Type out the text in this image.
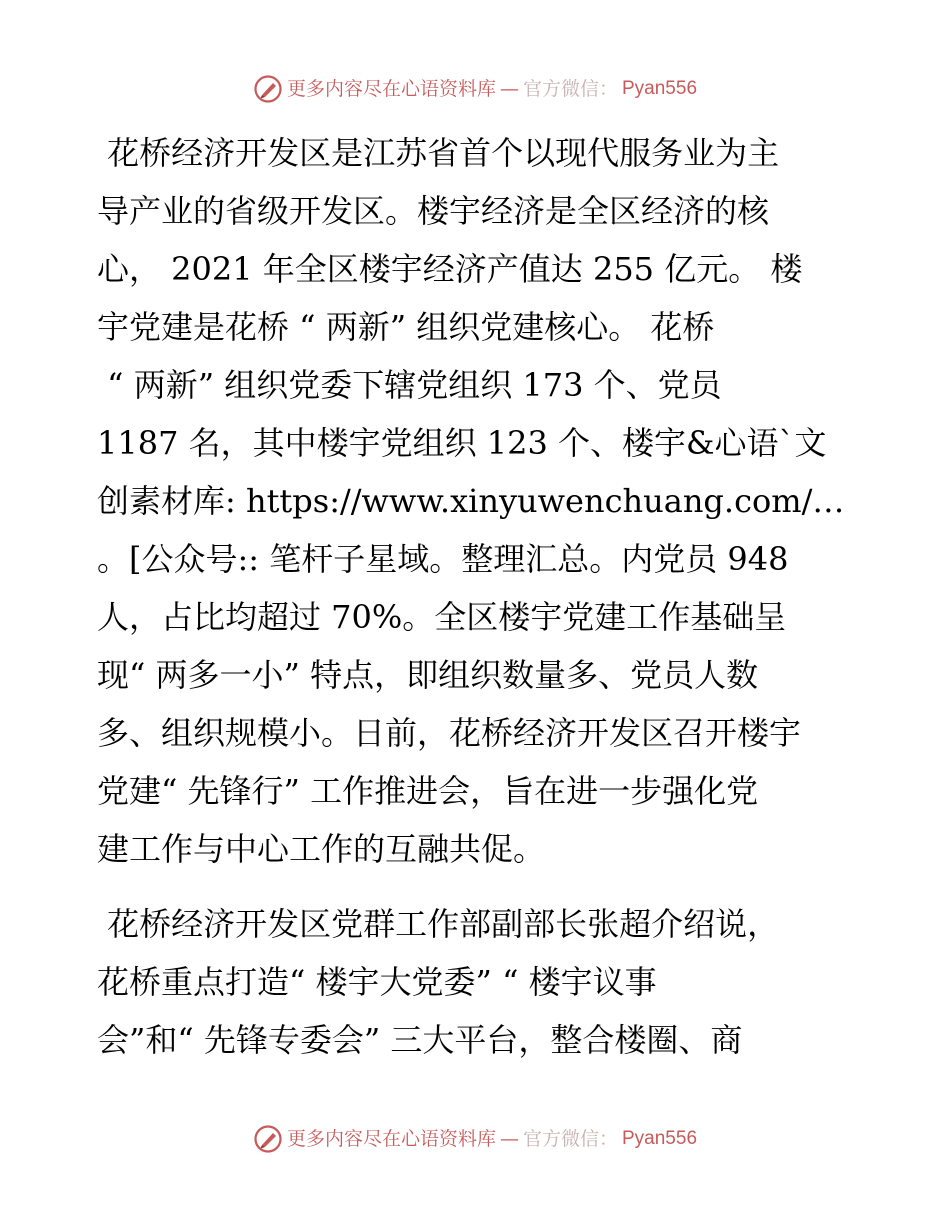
更多内容尽在心语资料库 — 官方微信： Pyan556
花桥经济开发区是江苏省首个以现代服务业为主
导产业的省级开发区。楼宇经济是全区经济的核
心， 2021 年全区楼宇经济产值达 255 亿元。 楼
宇党建是花桥 “ 两新” 组织党建核心。 花桥
“ 两新” 组织党委下辖党组织 173 个、党员
1187 名，其中楼宇党组织 123 个、楼宇&心语`文
创素材库: https://www.xinyuwenchuang.com/…
。[公众号:: 笔杆子星域。整理汇总。内党员 948
人，占比均超过 70%。全区楼宇党建工作基础呈
现“ 两多一小” 特点，即组织数量多、党员人数
多、组织规模小。日前，花桥经济开发区召开楼宇
党建“ 先锋行” 工作推进会，旨在进一步强化党
建工作与中心工作的互融共促。
花桥经济开发区党群工作部副部长张超介绍说，
花桥重点打造“ 楼宇大党委” “ 楼宇议事
会”和“ 先锋专委会” 三大平台，整合楼圈、商
更多内容尽在心语资料库 — 官方微信： Pyan556
